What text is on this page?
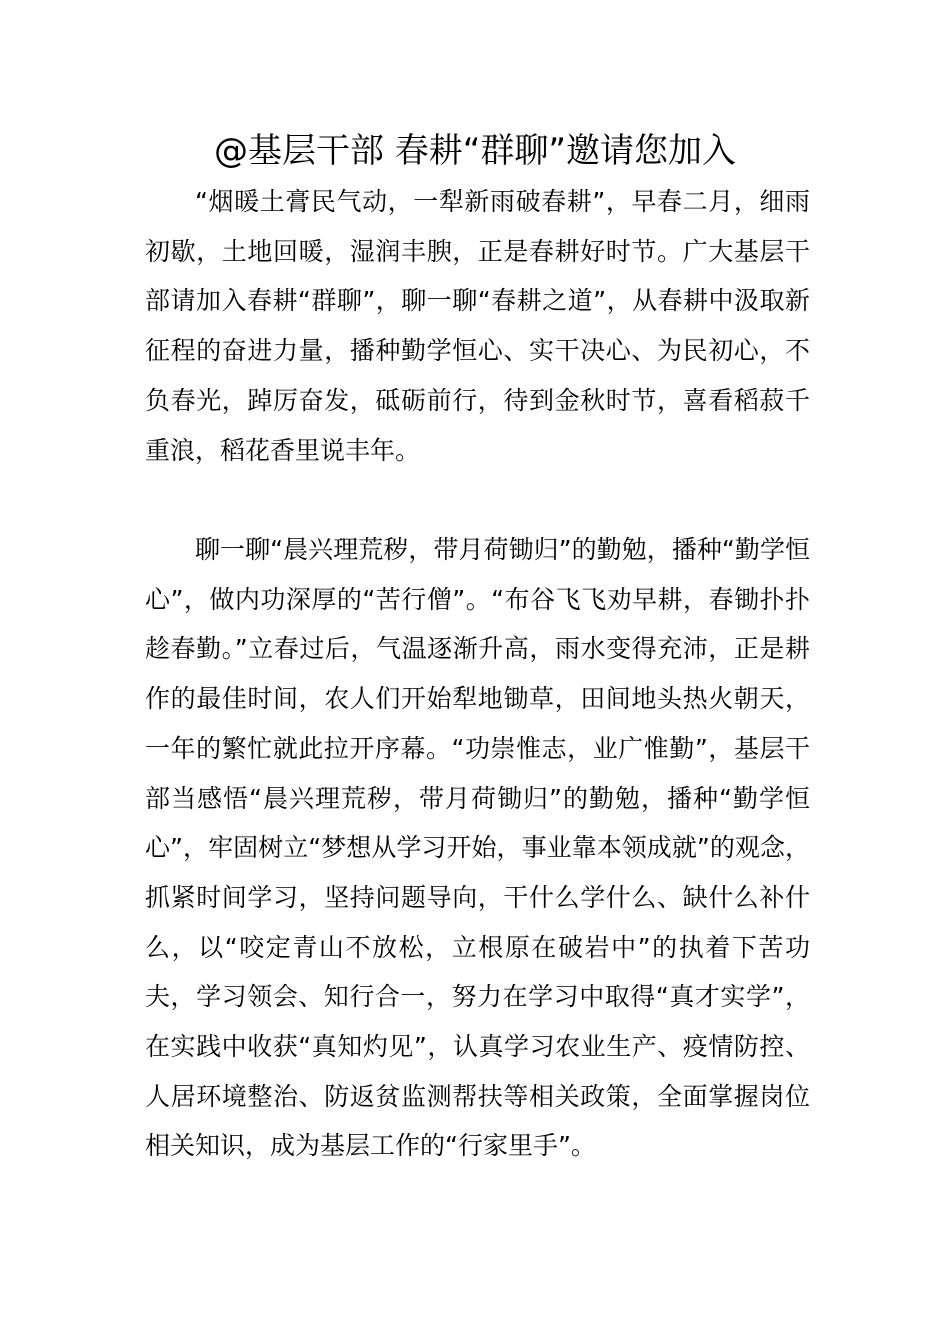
@基层干部 春耕“群聊”邀请您加入

“烟暖土膏民气动，一犁新雨破春耕”，早春二月，细雨初歇，土地回暖，湿润丰腴，正是春耕好时节。广大基层干部请加入春耕“群聊”，聊一聊“春耕之道”，从春耕中汲取新征程的奋进力量，播种勤学恒心、实干决心、为民初心，不负春光，踔厉奋发，砥砺前行，待到金秋时节，喜看稻菽千重浪，稻花香里说丰年。

聊一聊“晨兴理荒秽，带月荷锄归”的勤勉，播种“勤学恒心”，做内功深厚的“苦行僧”。“布谷飞飞劝早耕，春锄扑扑趁春勤。”立春过后，气温逐渐升高，雨水变得充沛，正是耕作的最佳时间，农人们开始犁地锄草，田间地头热火朝天，一年的繁忙就此拉开序幕。“功崇惟志，业广惟勤”，基层干部当感悟“晨兴理荒秽，带月荷锄归”的勤勉，播种“勤学恒心”，牢固树立“梦想从学习开始，事业靠本领成就”的观念，抓紧时间学习，坚持问题导向，干什么学什么、缺什么补什么，以“咬定青山不放松，立根原在破岩中”的执着下苦功夫，学习领会、知行合一，努力在学习中取得“真才实学”，在实践中收获“真知灼见”，认真学习农业生产、疫情防控、人居环境整治、防返贫监测帮扶等相关政策，全面掌握岗位相关知识，成为基层工作的“行家里手”。
